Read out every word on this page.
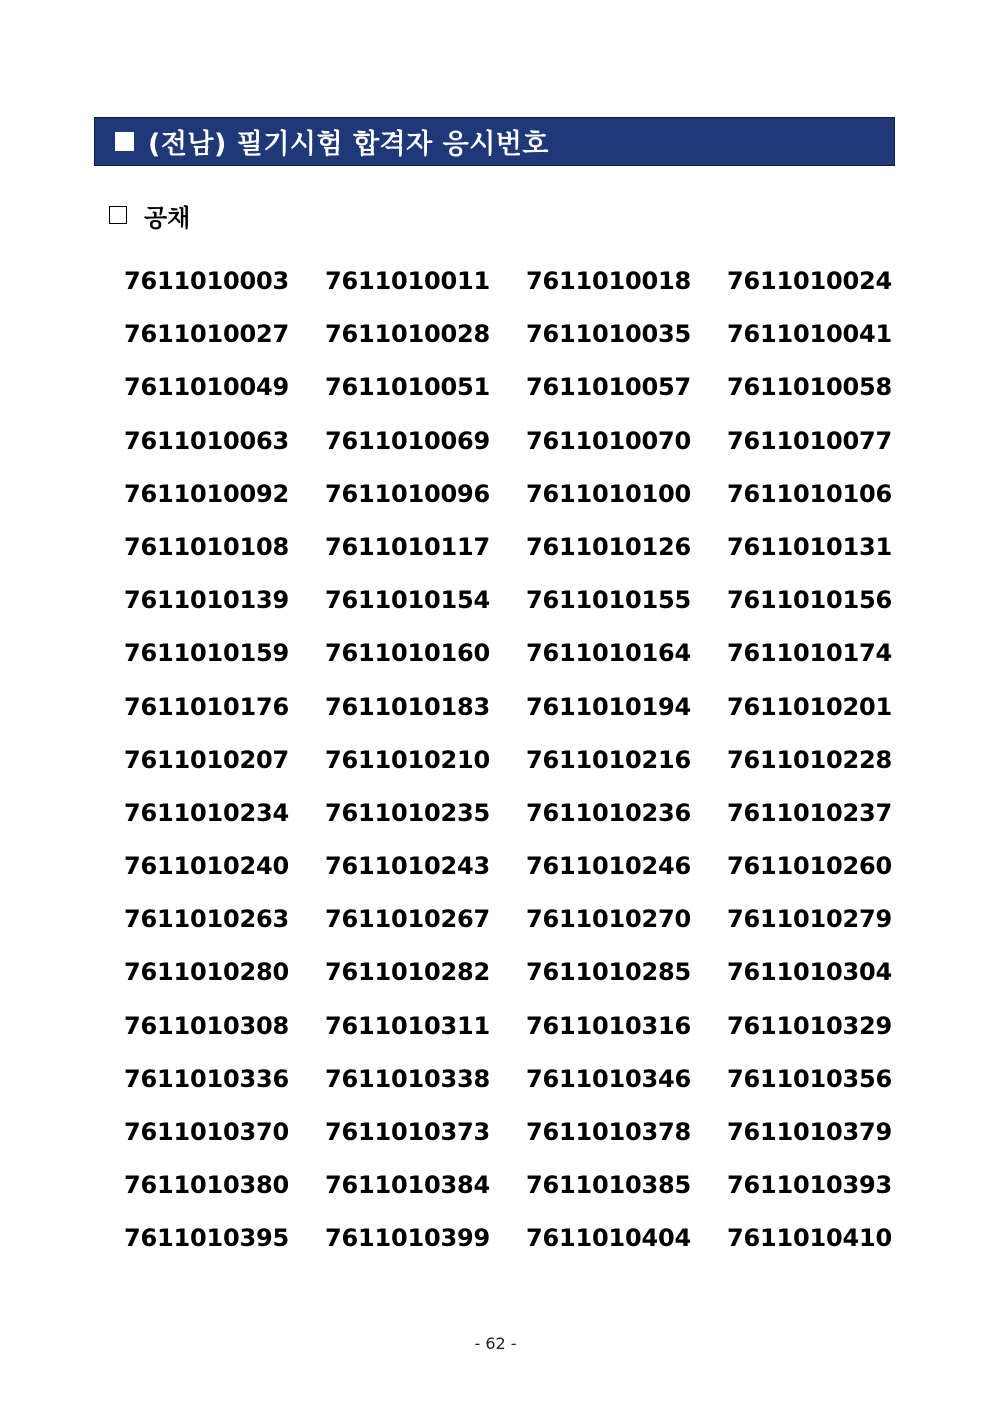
(전남) 필기시험 합격자 응시번호
공채
7611010003	7611010011	7611010018	7611010024
7611010027	7611010028	7611010035	7611010041
7611010049	7611010051	7611010057	7611010058
7611010063	7611010069	7611010070	7611010077
7611010092	7611010096	7611010100	7611010106
7611010108	7611010117	7611010126	7611010131
7611010139	7611010154	7611010155	7611010156
7611010159	7611010160	7611010164	7611010174
7611010176	7611010183	7611010194	7611010201
7611010207	7611010210	7611010216	7611010228
7611010234	7611010235	7611010236	7611010237
7611010240	7611010243	7611010246	7611010260
7611010263	7611010267	7611010270	7611010279
7611010280	7611010282	7611010285	7611010304
7611010308	7611010311	7611010316	7611010329
7611010336	7611010338	7611010346	7611010356
7611010370	7611010373	7611010378	7611010379
7611010380	7611010384	7611010385	7611010393
7611010395	7611010399	7611010404	7611010410
- 62 -
